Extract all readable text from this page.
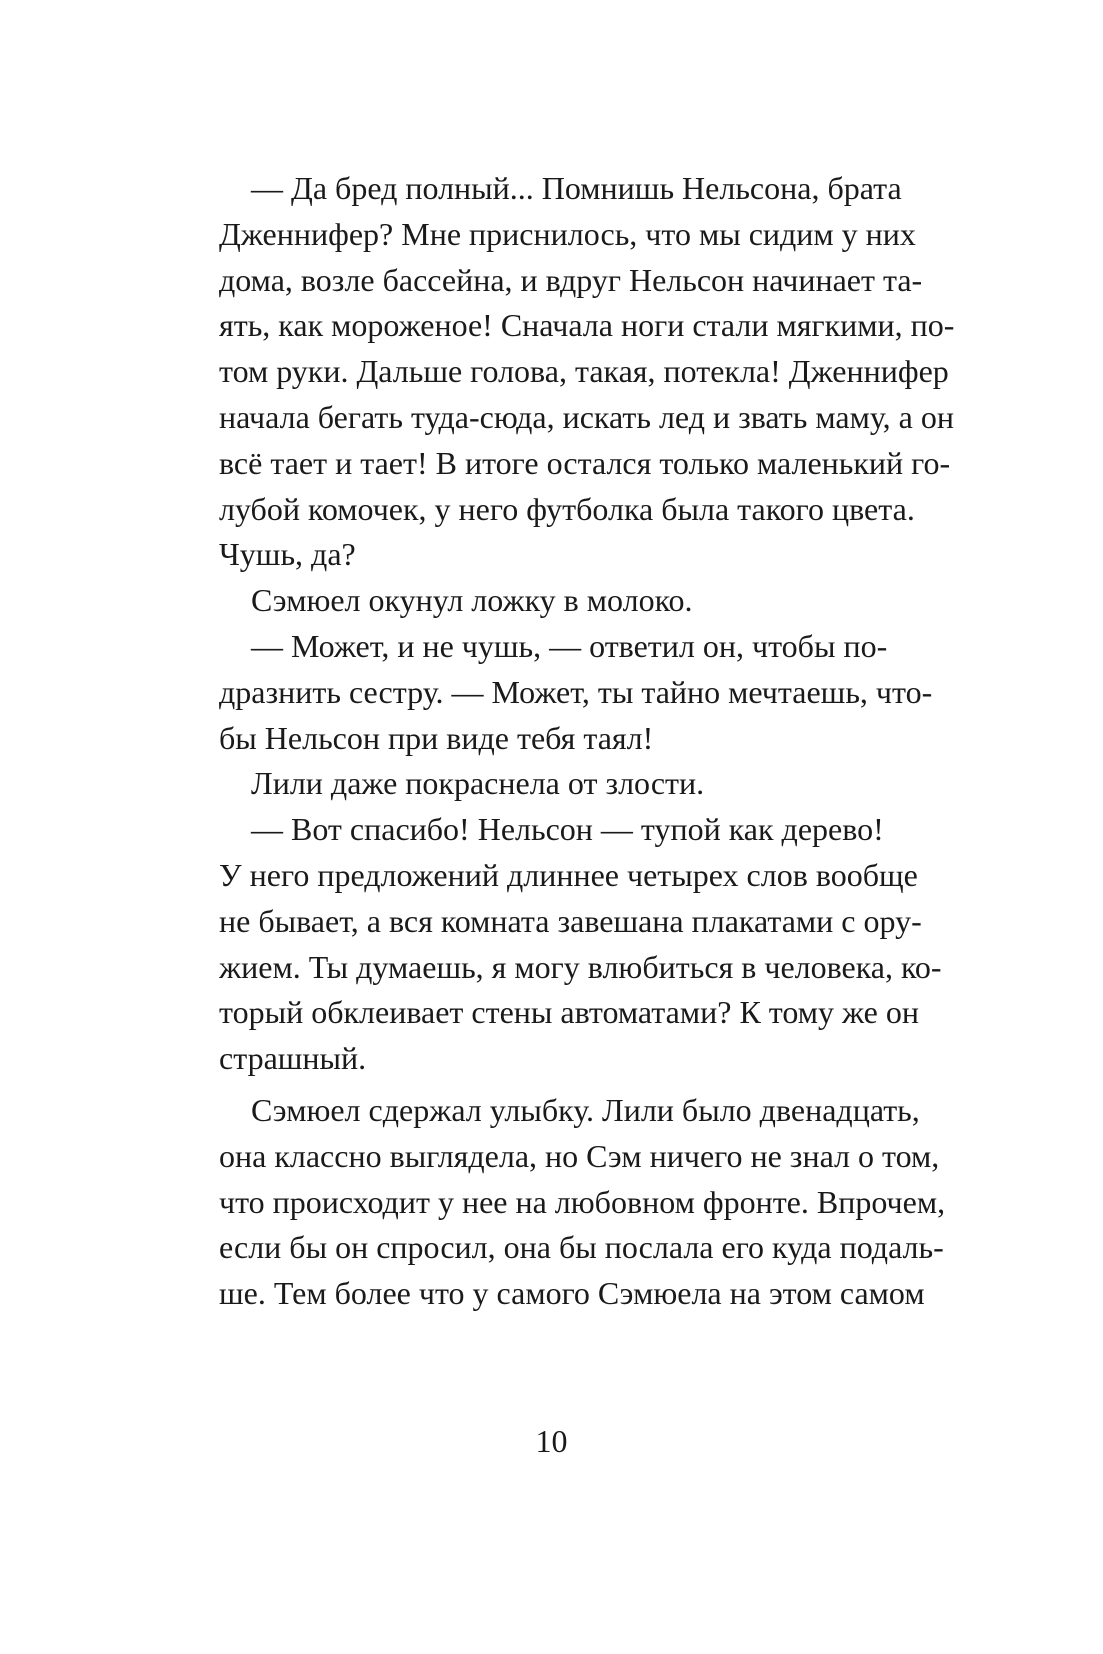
— Да бред полный... Помнишь Нельсона, брата
Дженнифер? Мне приснилось, что мы сидим у них
дома, возле бассейна, и вдруг Нельсон начинает та-
ять, как мороженое! Сначала ноги стали мягкими, по-
том руки. Дальше голова, такая, потекла! Дженнифер
начала бегать туда-сюда, искать лед и звать маму, а он
всё тает и тает! В итоге остался только маленький го-
лубой комочек, у него футболка была такого цвета.
Чушь, да?
Сэмюел окунул ложку в молоко.
— Может, и не чушь, — ответил он, чтобы по-
дразнить сестру. — Может, ты тайно мечтаешь, что-
бы Нельсон при виде тебя таял!
Лили даже покраснела от злости.
— Вот спасибо! Нельсон — тупой как дерево!
У него предложений длиннее четырех слов вообще
не бывает, а вся комната завешана плакатами с ору-
жием. Ты думаешь, я могу влюбиться в человека, ко-
торый обклеивает стены автоматами? К тому же он
страшный.
Сэмюел сдержал улыбку. Лили было двенадцать,
она классно выглядела, но Сэм ничего не знал о том,
что происходит у нее на любовном фронте. Впрочем,
если бы он спросил, она бы послала его куда подаль-
ше. Тем более что у самого Сэмюела на этом самом
10
